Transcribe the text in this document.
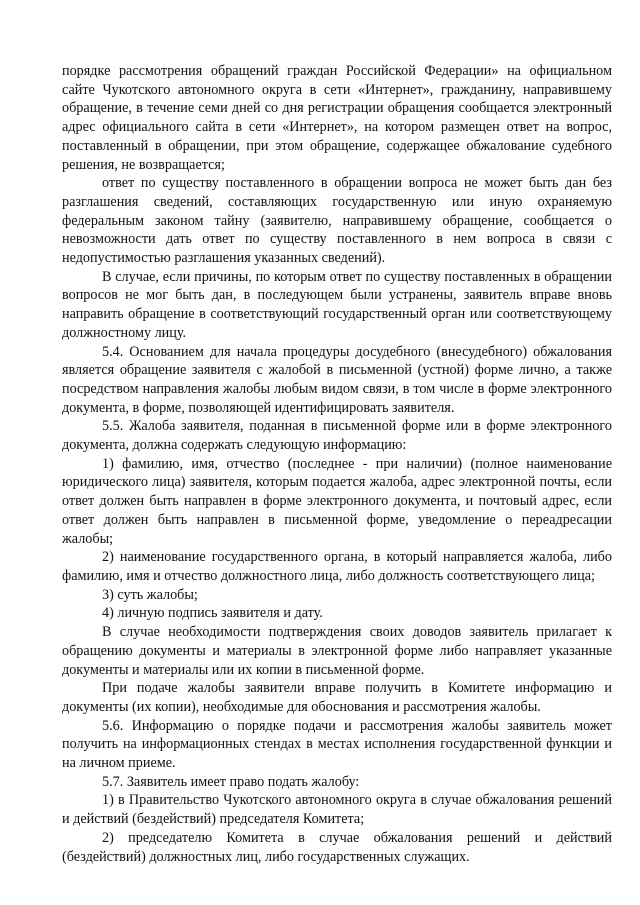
порядке рассмотрения обращений граждан Российской Федерации» на официальном сайте Чукотского автономного округа в сети «Интернет», гражданину, направившему обращение, в течение семи дней со дня регистрации обращения сообщается электронный адрес официального сайта в сети «Интернет», на котором размещен ответ на вопрос, поставленный в обращении, при этом обращение, содержащее обжалование судебного решения, не возвращается;

ответ по существу поставленного в обращении вопроса не может быть дан без разглашения сведений, составляющих государственную или иную охраняемую федеральным законом тайну (заявителю, направившему обращение, сообщается о невозможности дать ответ по существу поставленного в нем вопроса в связи с недопустимостью разглашения указанных сведений).

В случае, если причины, по которым ответ по существу поставленных в обращении вопросов не мог быть дан, в последующем были устранены, заявитель вправе вновь направить обращение в соответствующий государственный орган или соответствующему должностному лицу.

5.4. Основанием для начала процедуры досудебного (внесудебного) обжалования является обращение заявителя с жалобой в письменной (устной) форме лично, а также посредством направления жалобы любым видом связи, в том числе в форме электронного документа, в форме, позволяющей идентифицировать заявителя.

5.5. Жалоба заявителя, поданная в письменной форме или в форме электронного документа, должна содержать следующую информацию:

1) фамилию, имя, отчество (последнее - при наличии) (полное наименование юридического лица) заявителя, которым подается жалоба, адрес электронной почты, если ответ должен быть направлен в форме электронного документа, и почтовый адрес, если ответ должен быть направлен в письменной форме, уведомление о переадресации жалобы;

2) наименование государственного органа, в который направляется жалоба, либо фамилию, имя и отчество должностного лица, либо должность соответствующего лица;

3) суть жалобы;

4) личную подпись заявителя и дату.

В случае необходимости подтверждения своих доводов заявитель прилагает к обращению документы и материалы в электронной форме либо направляет указанные документы и материалы или их копии в письменной форме.

При подаче жалобы заявители вправе получить в Комитете информацию и документы (их копии), необходимые для обоснования и рассмотрения жалобы.

5.6. Информацию о порядке подачи и рассмотрения жалобы заявитель может получить на информационных стендах в местах исполнения государственной функции и на личном приеме.

5.7. Заявитель имеет право подать жалобу:

1) в Правительство Чукотского автономного округа в случае обжалования решений и действий (бездействий) председателя Комитета;

2) председателю Комитета в случае обжалования решений и действий (бездействий) должностных лиц, либо государственных служащих.
